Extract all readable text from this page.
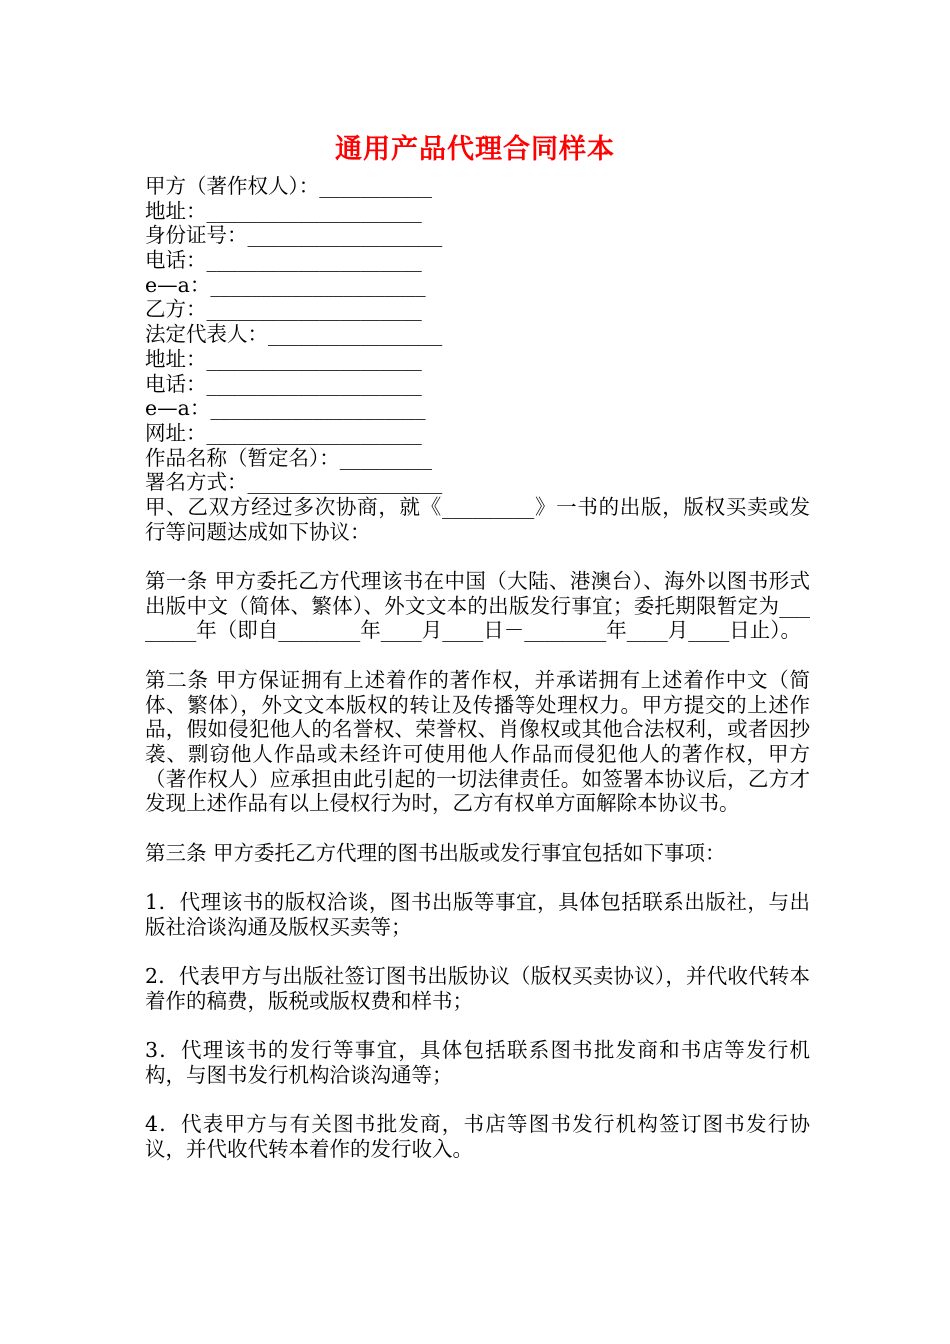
通用产品代理合同样本
甲方（著作权人）：___________
地址：_____________________
身份证号：___________________
电话：_____________________
e—a：_____________________
乙方：_____________________
法定代表人：_________________
地址：_____________________
电话：_____________________
e—a：_____________________
网址：_____________________
作品名称（暂定名）：_________
署名方式：___________________

甲、乙双方经过多次协商，就《_________》一书的出版，版权买卖或发行等问题达成如下协议：

第一条 甲方委托乙方代理该书在中国（大陆、港澳台）、海外以图书形式出版中文（简体、繁体）、外文文本的出版发行事宜；委托期限暂定为________年（即自________年____月____日－________年____月____日止）。

第二条 甲方保证拥有上述着作的著作权，并承诺拥有上述着作中文（简体、繁体），外文文本版权的转让及传播等处理权力。甲方提交的上述作品，假如侵犯他人的名誉权、荣誉权、肖像权或其他合法权利，或者因抄袭、剽窃他人作品或未经许可使用他人作品而侵犯他人的著作权，甲方（著作权人）应承担由此引起的一切法律责任。如签署本协议后，乙方才发现上述作品有以上侵权行为时，乙方有权单方面解除本协议书。

第三条 甲方委托乙方代理的图书出版或发行事宜包括如下事项：

1．代理该书的版权洽谈，图书出版等事宜，具体包括联系出版社，与出版社洽谈沟通及版权买卖等；

2．代表甲方与出版社签订图书出版协议（版权买卖协议），并代收代转本着作的稿费，版税或版权费和样书；

3．代理该书的发行等事宜，具体包括联系图书批发商和书店等发行机构，与图书发行机构洽谈沟通等；

4．代表甲方与有关图书批发商，书店等图书发行机构签订图书发行协议，并代收代转本着作的发行收入。
